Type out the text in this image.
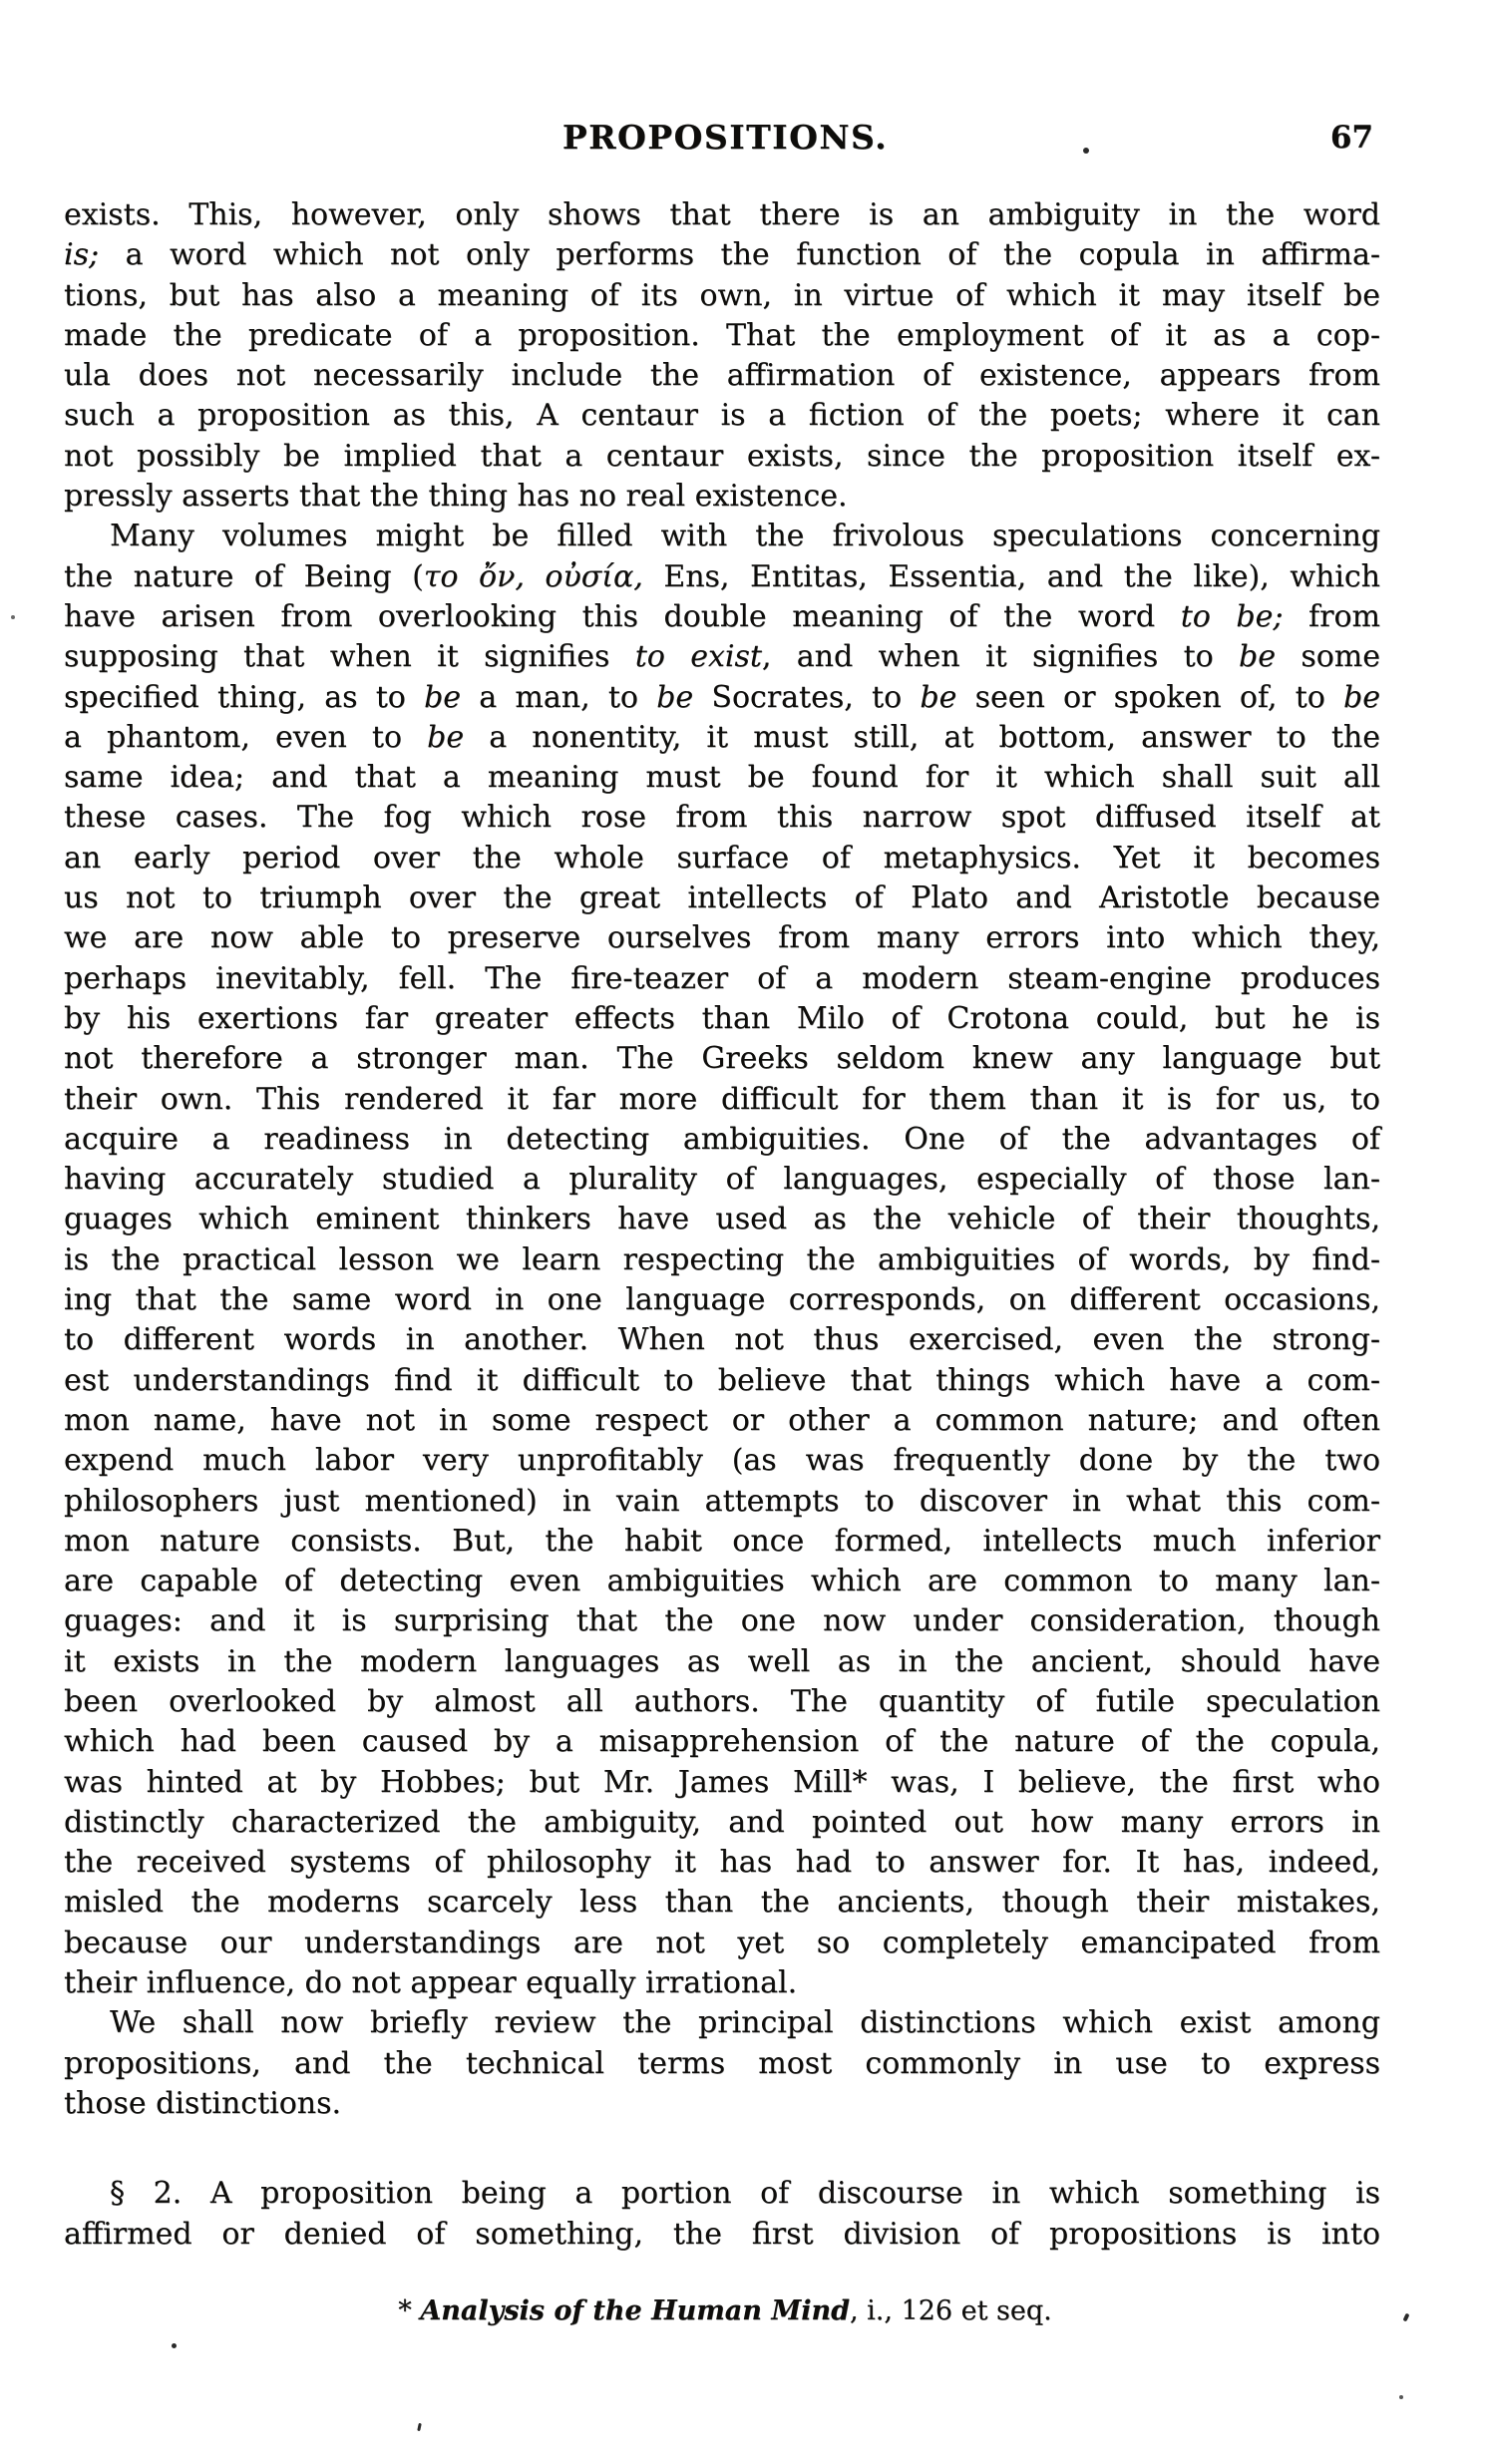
PROPOSITIONS.	67
exists. This, however, only shows that there is an ambiguity in the word
is; a word which not only performs the function of the copula in affirma-
tions, but has also a meaning of its own, in virtue of which it may itself be
made the predicate of a proposition. That the employment of it as a cop-
ula does not necessarily include the affirmation of existence, appears from
such a proposition as this, A centaur is a fiction of the poets; where it can
not possibly be implied that a centaur exists, since the proposition itself ex-
pressly asserts that the thing has no real existence.
Many volumes might be filled with the frivolous speculations concerning
the nature of Being (το ὄν, οὐσία, Ens, Entitas, Essentia, and the like), which
have arisen from overlooking this double meaning of the word to be; from
supposing that when it signifies to exist, and when it signifies to be some
specified thing, as to be a man, to be Socrates, to be seen or spoken of, to be
a phantom, even to be a nonentity, it must still, at bottom, answer to the
same idea; and that a meaning must be found for it which shall suit all
these cases. The fog which rose from this narrow spot diffused itself at
an early period over the whole surface of metaphysics. Yet it becomes
us not to triumph over the great intellects of Plato and Aristotle because
we are now able to preserve ourselves from many errors into which they,
perhaps inevitably, fell. The fire-teazer of a modern steam-engine produces
by his exertions far greater effects than Milo of Crotona could, but he is
not therefore a stronger man. The Greeks seldom knew any language but
their own. This rendered it far more difficult for them than it is for us, to
acquire a readiness in detecting ambiguities. One of the advantages of
having accurately studied a plurality of languages, especially of those lan-
guages which eminent thinkers have used as the vehicle of their thoughts,
is the practical lesson we learn respecting the ambiguities of words, by find-
ing that the same word in one language corresponds, on different occasions,
to different words in another. When not thus exercised, even the strong-
est understandings find it difficult to believe that things which have a com-
mon name, have not in some respect or other a common nature; and often
expend much labor very unprofitably (as was frequently done by the two
philosophers just mentioned) in vain attempts to discover in what this com-
mon nature consists. But, the habit once formed, intellects much inferior
are capable of detecting even ambiguities which are common to many lan-
guages: and it is surprising that the one now under consideration, though
it exists in the modern languages as well as in the ancient, should have
been overlooked by almost all authors. The quantity of futile speculation
which had been caused by a misapprehension of the nature of the copula,
was hinted at by Hobbes; but Mr. James Mill* was, I believe, the first who
distinctly characterized the ambiguity, and pointed out how many errors in
the received systems of philosophy it has had to answer for. It has, indeed,
misled the moderns scarcely less than the ancients, though their mistakes,
because our understandings are not yet so completely emancipated from
their influence, do not appear equally irrational.
We shall now briefly review the principal distinctions which exist among
propositions, and the technical terms most commonly in use to express
those distinctions.
§ 2. A proposition being a portion of discourse in which something is
affirmed or denied of something, the first division of propositions is into
* Analysis of the Human Mind, i., 126 et seq.
